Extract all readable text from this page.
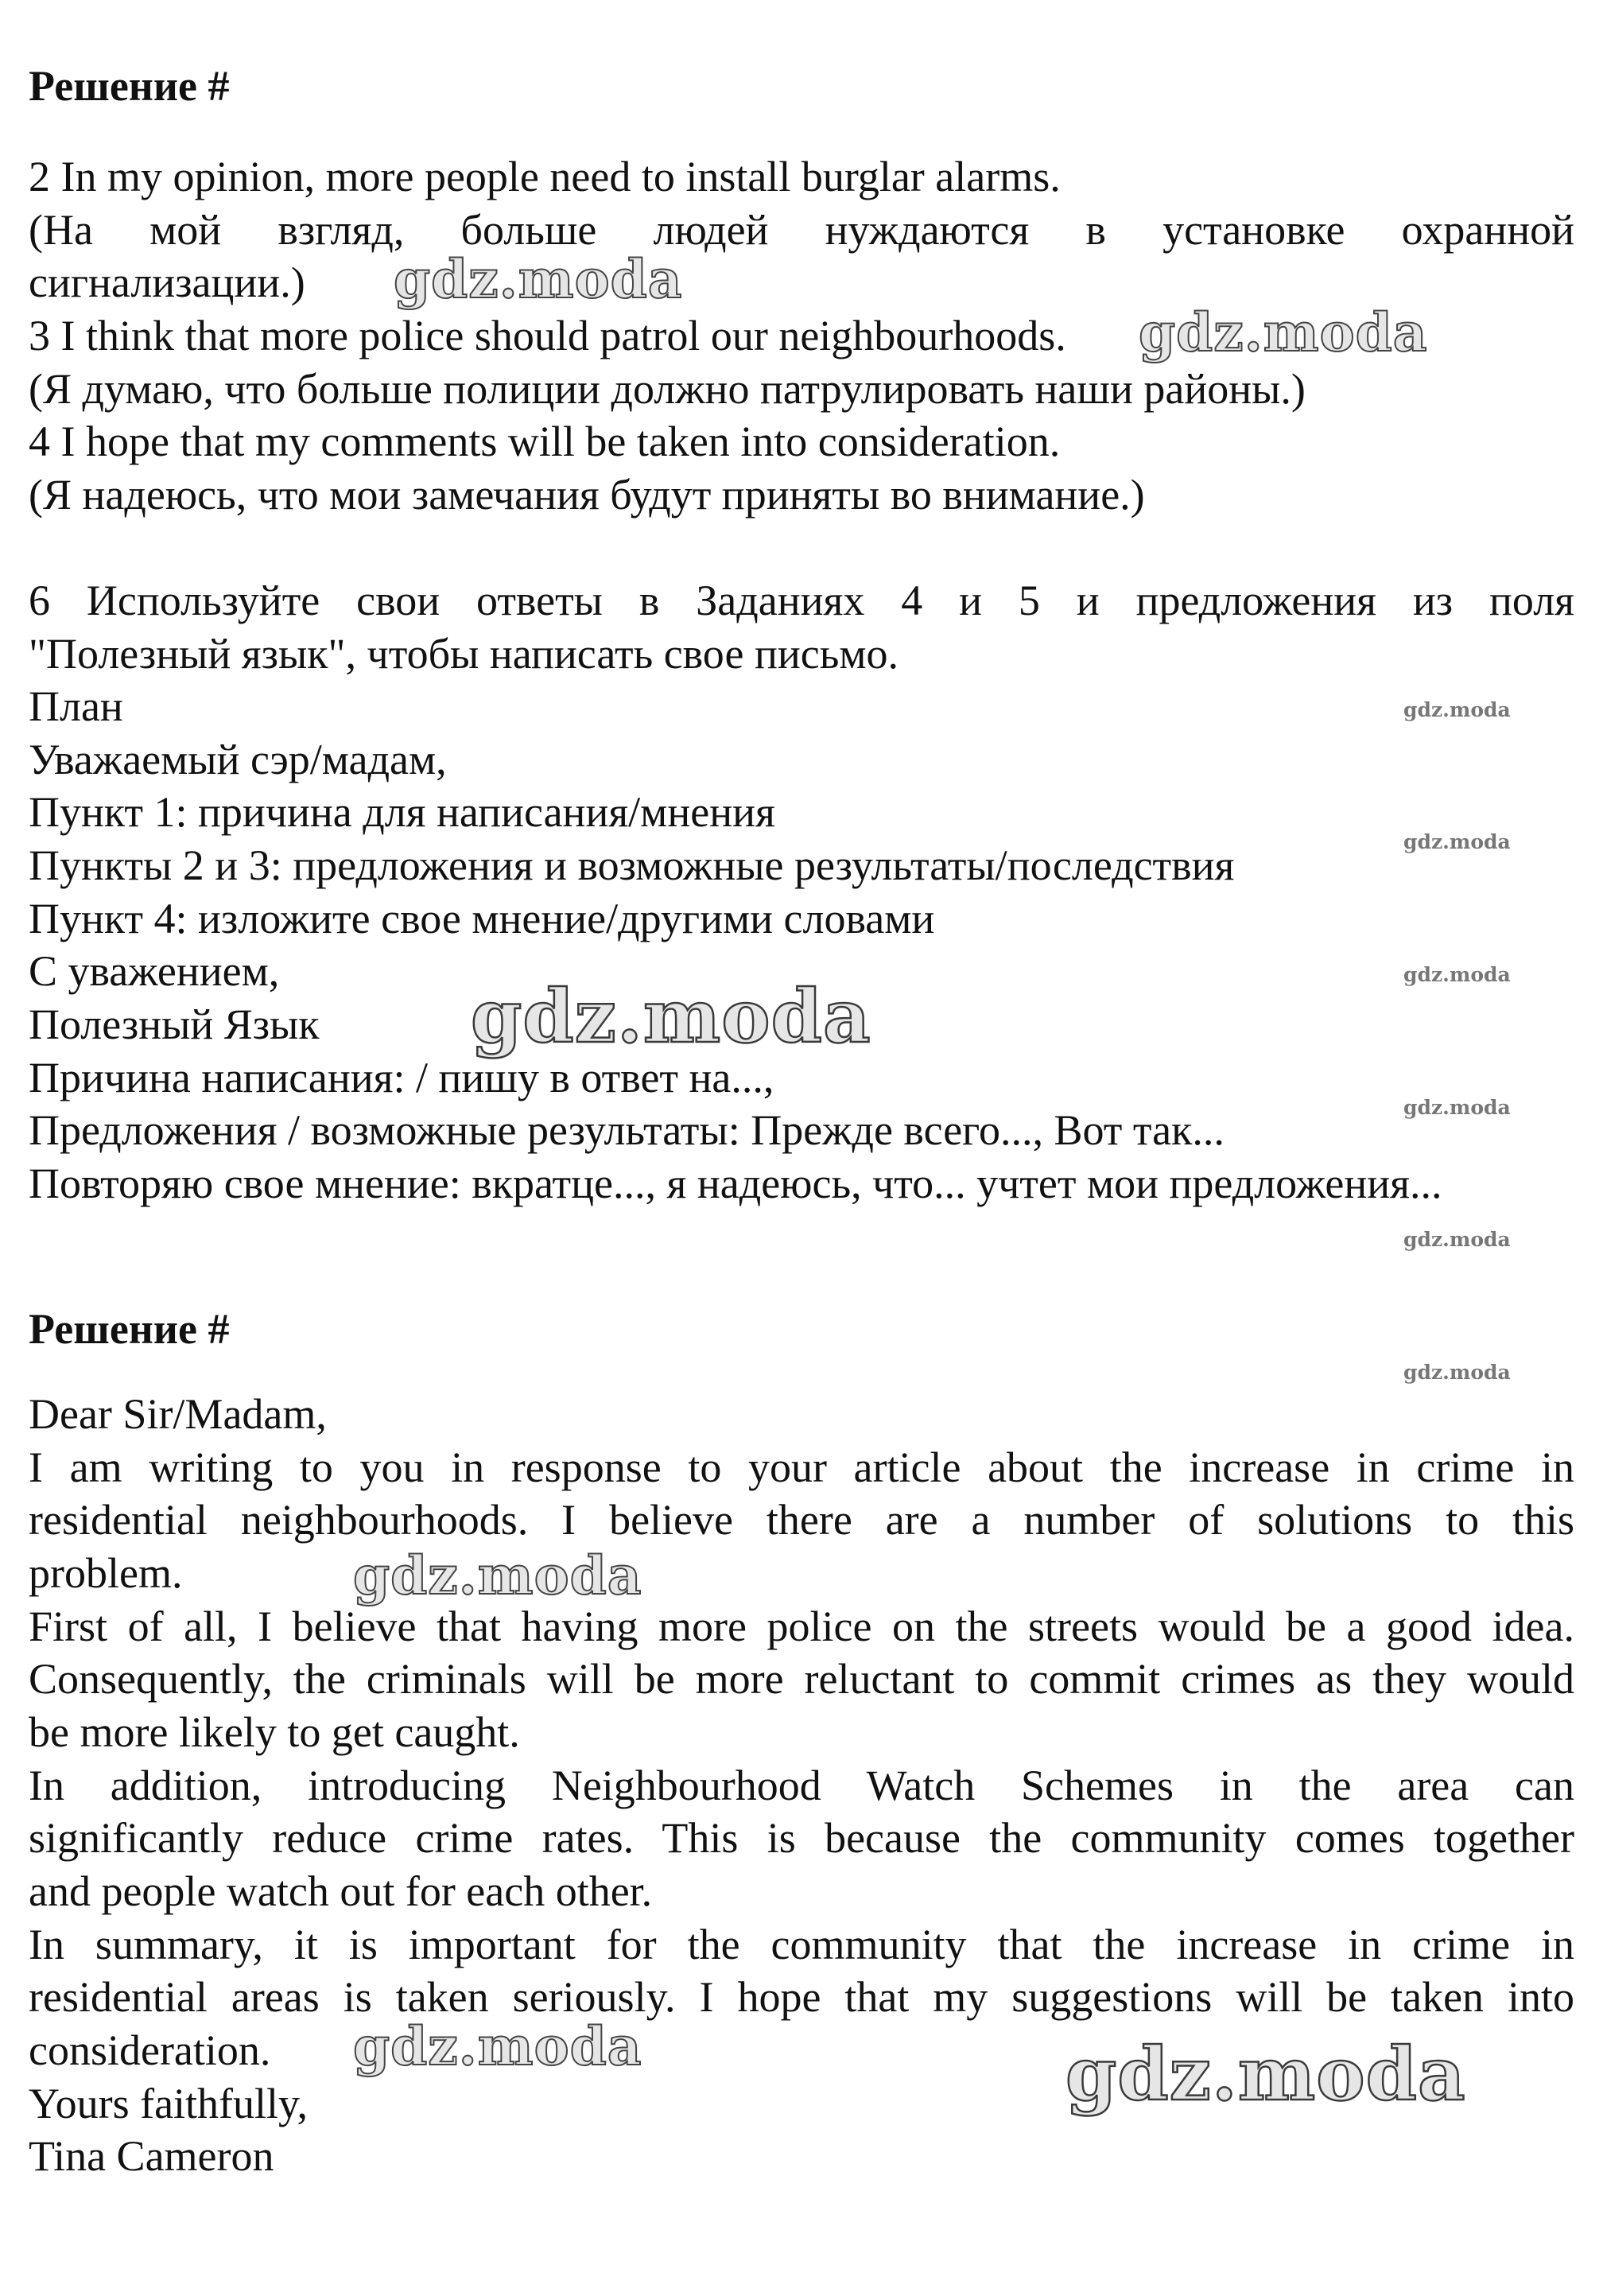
Решение #
2 In my opinion, more people need to install burglar alarms.
(На мой взгляд, больше людей нуждаются в установке охранной
сигнализации.)
3 I think that more police should patrol our neighbourhoods.
(Я думаю, что больше полиции должно патрулировать наши районы.)
4 I hope that my comments will be taken into consideration.
(Я надеюсь, что мои замечания будут приняты во внимание.)
6 Используйте свои ответы в Заданиях 4 и 5 и предложения из поля
"Полезный язык", чтобы написать свое письмо.
План
Уважаемый сэр/мадам,
Пункт 1: причина для написания/мнения
Пункты 2 и 3: предложения и возможные результаты/последствия
Пункт 4: изложите свое мнение/другими словами
С уважением,
Полезный Язык
Причина написания: / пишу в ответ на...,
Предложения / возможные результаты: Прежде всего..., Вот так...
Повторяю свое мнение: вкратце..., я надеюсь, что... учтет мои предложения...
Решение #
Dear Sir/Madam,
I am writing to you in response to your article about the increase in crime in
residential neighbourhoods. I believe there are a number of solutions to this
problem.
First of all, I believe that having more police on the streets would be a good idea.
Consequently, the criminals will be more reluctant to commit crimes as they would
be more likely to get caught.
In addition, introducing Neighbourhood Watch Schemes in the area can
significantly reduce crime rates. This is because the community comes together
and people watch out for each other.
In summary, it is important for the community that the increase in crime in
residential areas is taken seriously. I hope that my suggestions will be taken into
consideration.
Yours faithfully,
Tina Cameron
gdz.moda
gdz.moda
gdz.moda
gdz.moda
gdz.moda
gdz.moda
gdz.moda
gdz.moda
gdz.moda
gdz.moda
gdz.moda	gdz.moda
